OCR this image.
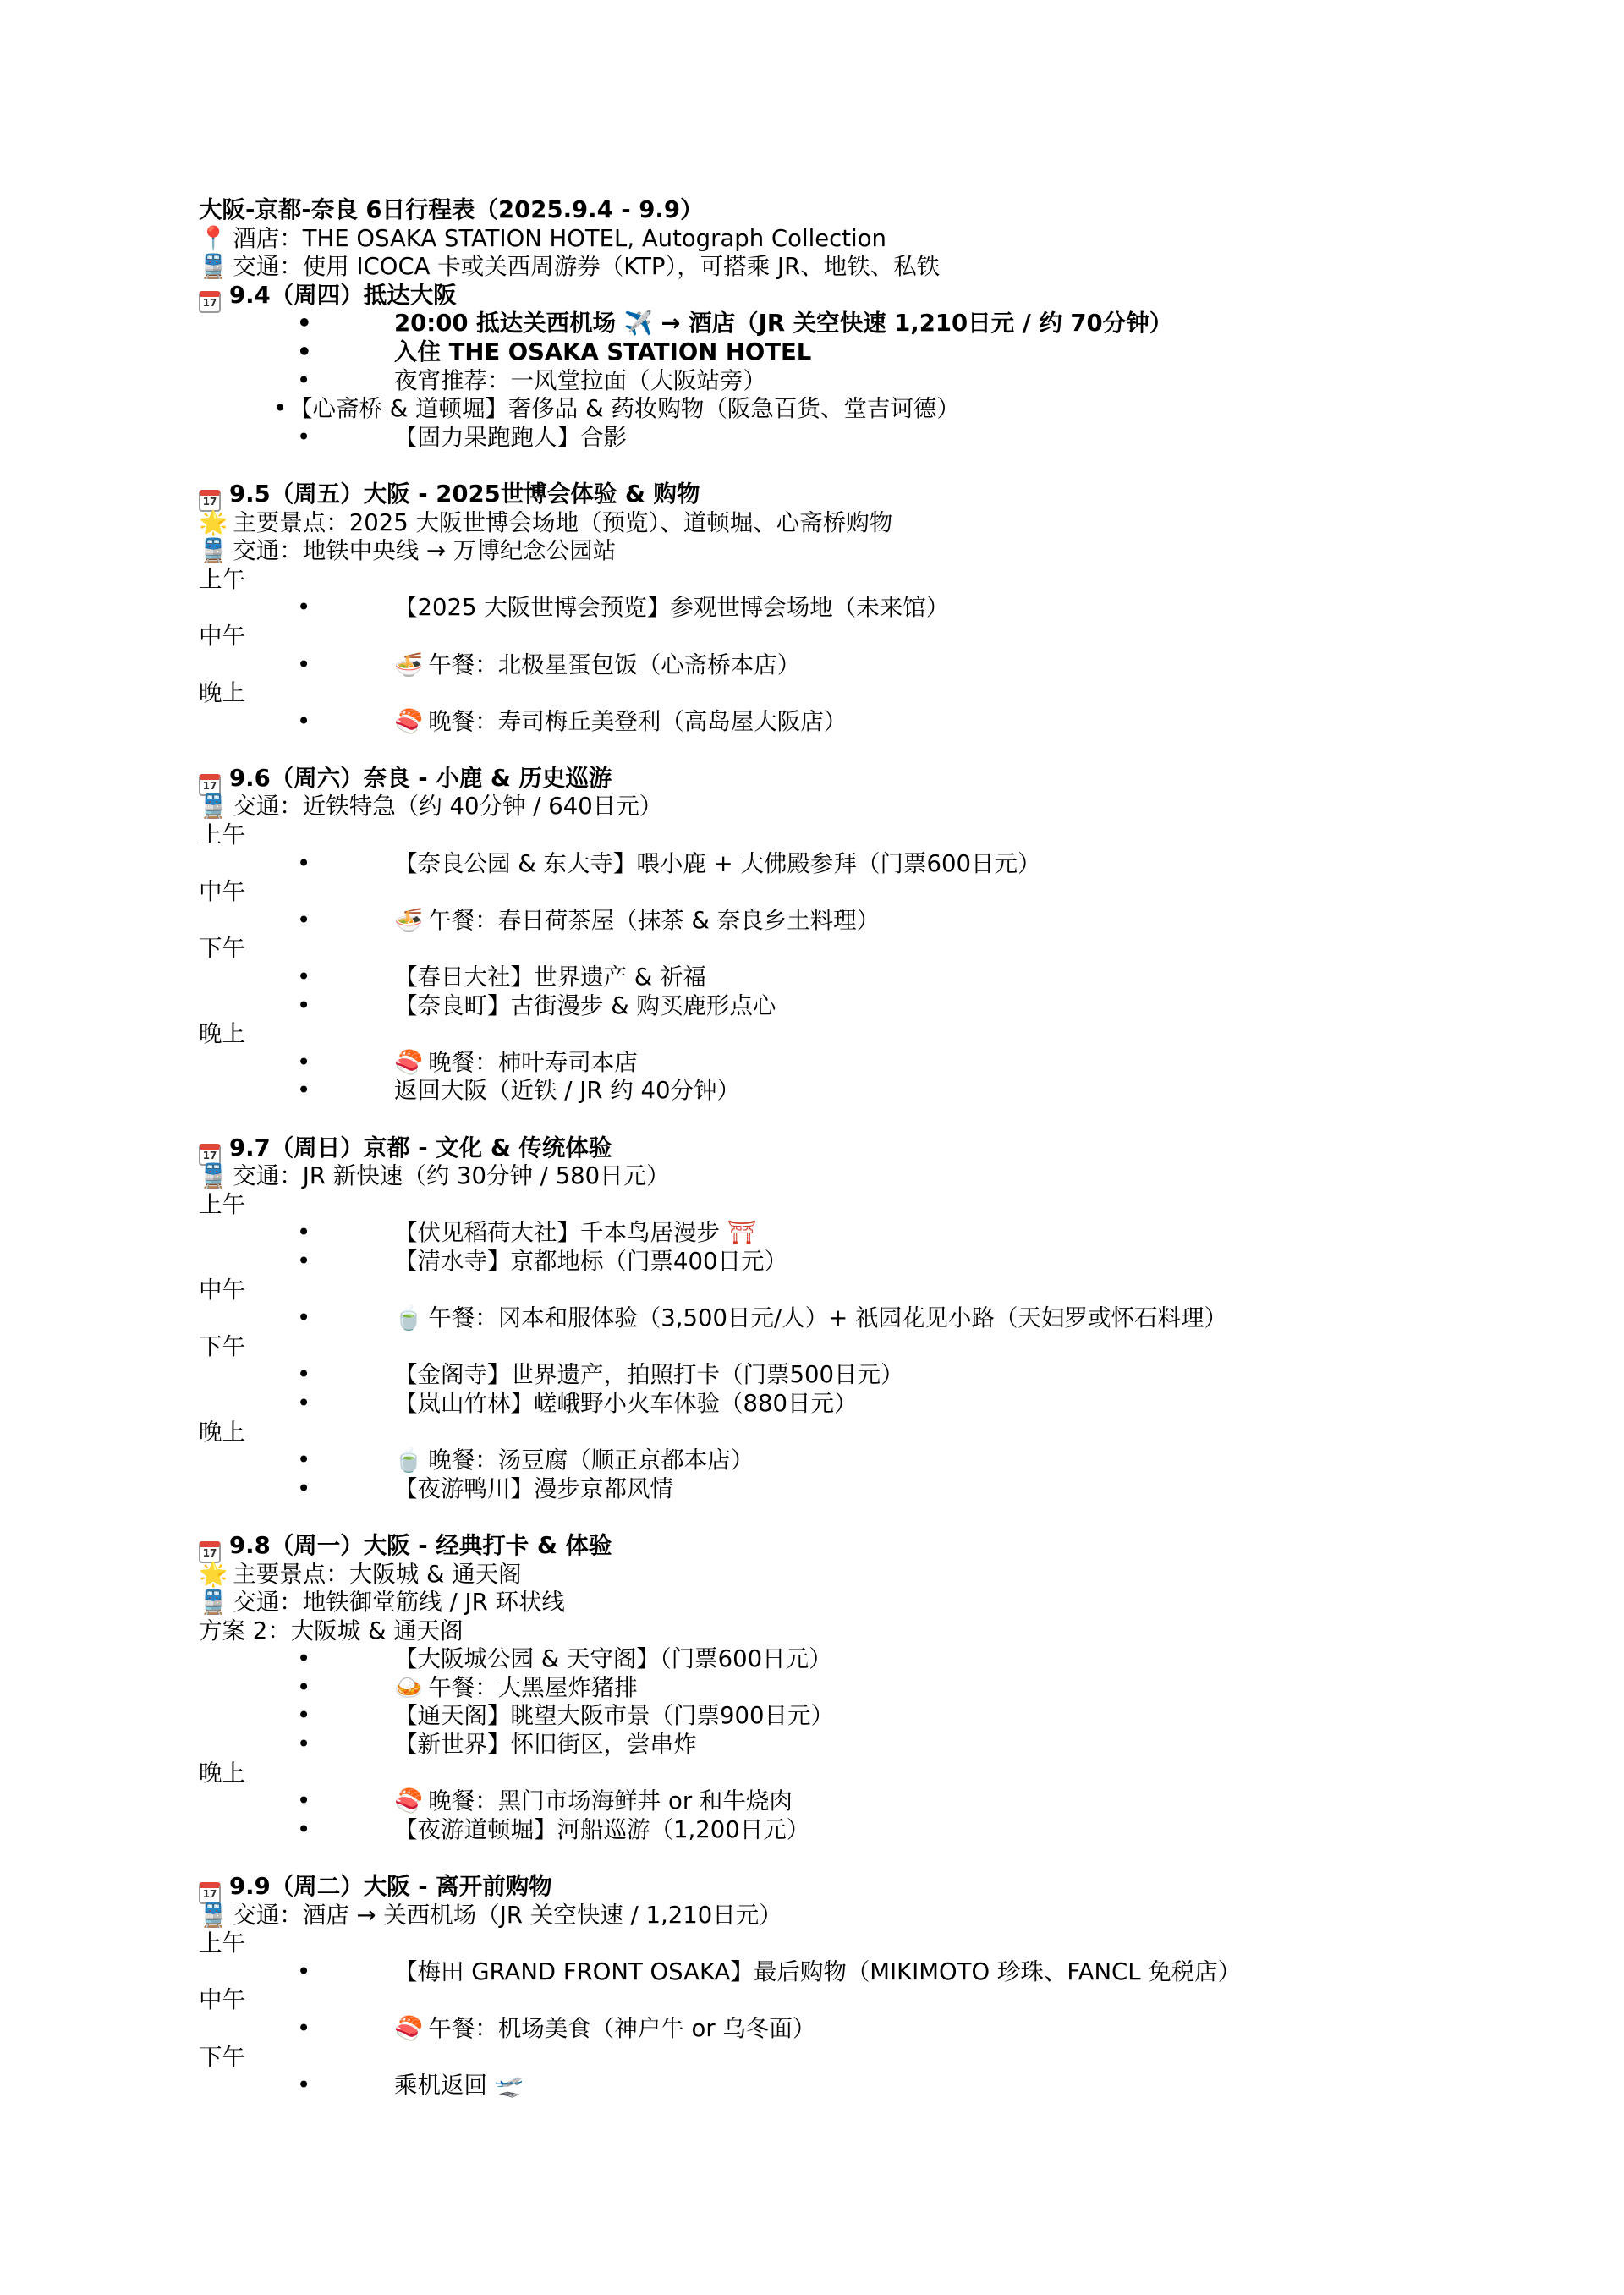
大阪-京都-奈良 6日行程表（2025.9.4 - 9.9）
📍 酒店：THE OSAKA STATION HOTEL, Autograph Collection
🚆 交通：使用 ICOCA 卡或关西周游券（KTP），可搭乘 JR、地铁、私铁
17 9.4（周四）抵达大阪
•	20:00 抵达关西机场 ✈️ → 酒店（JR 关空快速 1,210日元 / 约 70分钟）
•	入住 THE OSAKA STATION HOTEL
•	夜宵推荐：一风堂拉面（大阪站旁）
• 【心斋桥 & 道顿堀】奢侈品 & 药妆购物（阪急百货、堂吉诃德）
•	【固力果跑跑人】合影
17 9.5（周五）大阪 - 2025世博会体验 & 购物
🌟 主要景点：2025 大阪世博会场地（预览）、道顿堀、心斋桥购物
🚆 交通：地铁中央线 → 万博纪念公园站
上午
•	【2025 大阪世博会预览】参观世博会场地（未来馆）
中午
•	🍜 午餐：北极星蛋包饭（心斋桥本店）
晚上
•	🍣 晚餐：寿司梅丘美登利（高岛屋大阪店）
17 9.6（周六）奈良 - 小鹿 & 历史巡游
🚆 交通：近铁特急（约 40分钟 / 640日元）
上午
•	【奈良公园 & 东大寺】喂小鹿 + 大佛殿参拜（门票600日元）
中午
•	🍜 午餐：春日荷茶屋（抹茶 & 奈良乡土料理）
下午
•	【春日大社】世界遗产 & 祈福
•	【奈良町】古街漫步 & 购买鹿形点心
晚上
•	🍣 晚餐：柿叶寿司本店
•	返回大阪（近铁 / JR 约 40分钟）
17 9.7（周日）京都 - 文化 & 传统体验
🚆 交通：JR 新快速（约 30分钟 / 580日元）
上午
•	【伏见稻荷大社】千本鸟居漫步 ⛩
•	【清水寺】京都地标（门票400日元）
中午
•	🍵 午餐：冈本和服体验（3,500日元/人）+ 祇园花见小路（天妇罗或怀石料理）
下午
•	【金阁寺】世界遗产，拍照打卡（门票500日元）
•	【岚山竹林】嵯峨野小火车体验（880日元）
晚上
•	🍵 晚餐：汤豆腐（顺正京都本店）
•	【夜游鸭川】漫步京都风情
17 9.8（周一）大阪 - 经典打卡 & 体验
🌟 主要景点：大阪城 & 通天阁
🚆 交通：地铁御堂筋线 / JR 环状线
方案 2：大阪城 & 通天阁
•	【大阪城公园 & 天守阁】（门票600日元）
•	🍛 午餐：大黑屋炸猪排
•	【通天阁】眺望大阪市景（门票900日元）
•	【新世界】怀旧街区，尝串炸
晚上
•	🍣 晚餐：黑门市场海鲜丼 or 和牛烧肉
•	【夜游道顿堀】河船巡游（1,200日元）
17 9.9（周二）大阪 - 离开前购物
🚆 交通：酒店 → 关西机场（JR 关空快速 / 1,210日元）
上午
•	【梅田 GRAND FRONT OSAKA】最后购物（MIKIMOTO 珍珠、FANCL 免税店）
中午
•	🍣 午餐：机场美食（神户牛 or 乌冬面）
下午
•	乘机返回 🛫
